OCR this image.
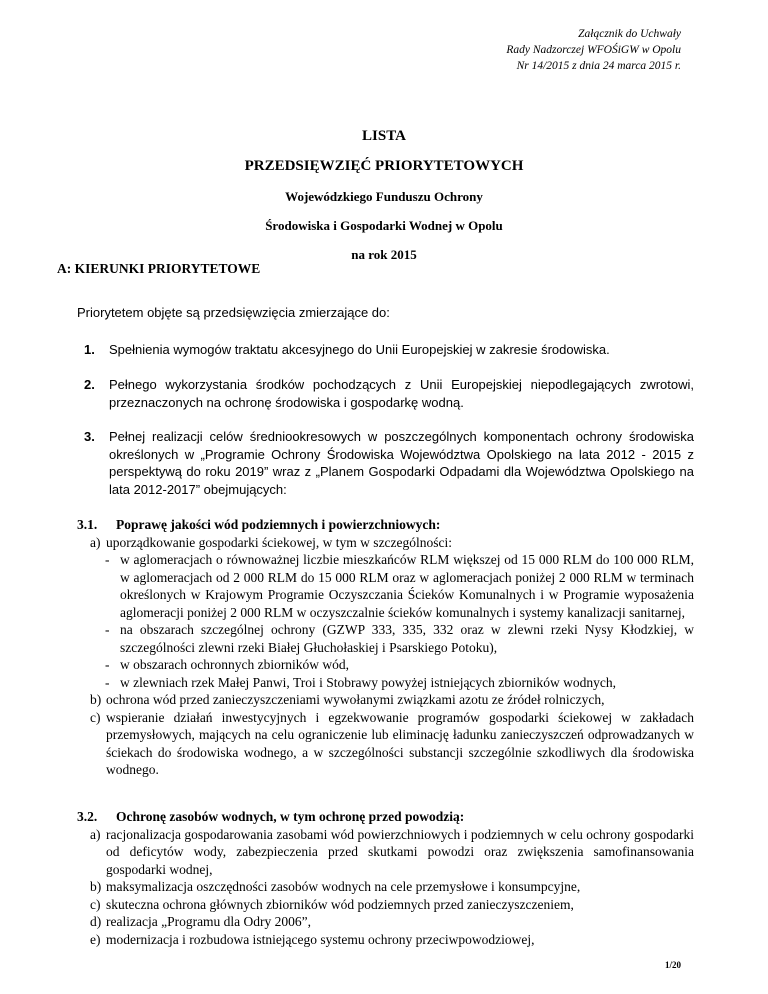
Załącznik do Uchwały
Rady Nadzorczej WFOŚiGW w Opolu
Nr 14/2015 z dnia 24 marca 2015 r.
LISTA
PRZEDSIĘWZIĘĆ PRIORYTETOWYCH
Wojewódzkiego Funduszu Ochrony
Środowiska i Gospodarki Wodnej w Opolu
na rok 2015
A: KIERUNKI PRIORYTETOWE
Priorytetem objęte są przedsięwzięcia zmierzające do:
1.	Spełnienia wymogów traktatu akcesyjnego do Unii Europejskiej w zakresie środowiska.
2.	Pełnego wykorzystania środków pochodzących z Unii Europejskiej niepodlegających zwrotowi, przeznaczonych na ochronę środowiska i gospodarkę wodną.
3.	Pełnej realizacji celów średniookresowych w poszczególnych komponentach ochrony środowiska określonych w „Programie Ochrony Środowiska Województwa Opolskiego na lata 2012 - 2015 z perspektywą do roku 2019” wraz z „Planem Gospodarki Odpadami dla Województwa Opolskiego na lata 2012-2017” obejmujących:
3.1.	Poprawę jakości wód podziemnych i powierzchniowych:
a) uporządkowanie gospodarki ściekowej, w tym w szczególności:
- w aglomeracjach o równoważnej liczbie mieszkańców RLM większej od 15 000 RLM do 100 000 RLM, w aglomeracjach od 2 000 RLM do 15 000 RLM oraz w aglomeracjach poniżej 2 000 RLM w terminach określonych w Krajowym Programie Oczyszczania Ścieków Komunalnych i w Programie wyposażenia aglomeracji poniżej 2 000 RLM w oczyszczalnie ścieków komunalnych i systemy kanalizacji sanitarnej,
- na obszarach szczególnej ochrony (GZWP 333, 335, 332 oraz w zlewni rzeki Nysy Kłodzkiej, w szczególności zlewni rzeki Białej Głuchołaskiej i Psarskiego Potoku),
- w obszarach ochronnych zbiorników wód,
- w zlewniach rzek Małej Panwi, Troi i Stobrawy powyżej istniejących zbiorników wodnych,
b) ochrona wód przed zanieczyszczeniami wywołanymi związkami azotu ze źródeł rolniczych,
c) wspieranie działań inwestycyjnych i egzekwowanie programów gospodarki ściekowej w zakładach przemysłowych, mających na celu ograniczenie lub eliminację ładunku zanieczyszczeń odprowadzanych w ściekach do środowiska wodnego, a w szczególności substancji szczególnie szkodliwych dla środowiska wodnego.
3.2.	Ochronę zasobów wodnych, w tym ochronę przed powodzią:
a) racjonalizacja gospodarowania zasobami wód powierzchniowych i podziemnych w celu ochrony gospodarki od deficytów wody, zabezpieczenia przed skutkami powodzi oraz zwiększenia samofinansowania gospodarki wodnej,
b) maksymalizacja oszczędności zasobów wodnych na cele przemysłowe i konsumpcyjne,
c) skuteczna ochrona głównych zbiorników wód podziemnych przed zanieczyszczeniem,
d) realizacja „Programu dla Odry 2006”,
e) modernizacja i rozbudowa istniejącego systemu ochrony przeciwpowodziowej,
1/20
